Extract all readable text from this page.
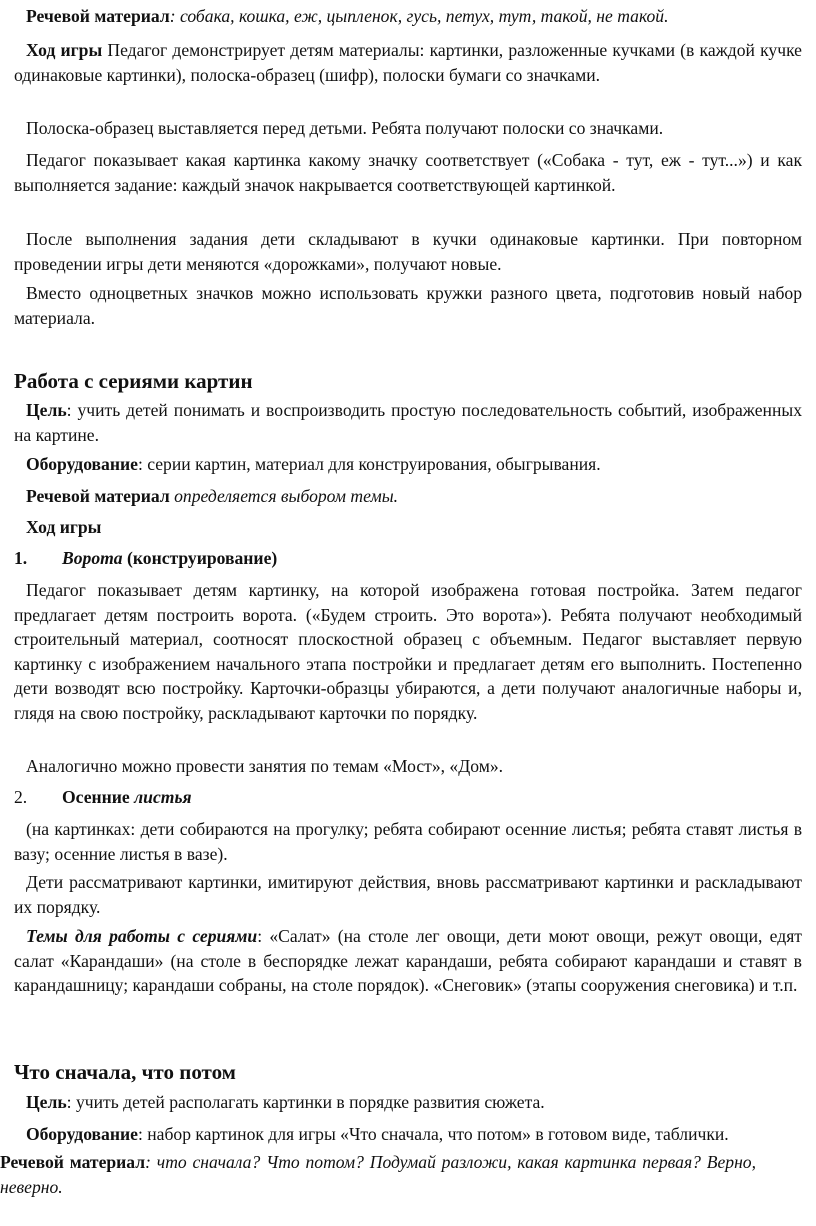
Речевой материал: собака, кошка, еж, цыпленок, гусь, петух, тут, такой, не такой.
Ход игры Педагог демонстрирует детям материалы: картинки, разложенные кучками (в каждой кучке одинаковые картинки), полоска-образец (шифр), полоски бумаги со значками.
Полоска-образец выставляется перед детьми. Ребята получают полоски со значками.
Педагог показывает какая картинка какому значку соответствует («Собака - тут, еж - тут...») и как выполняется задание: каждый значок накрывается соответствующей картинкой.
После выполнения задания дети складывают в кучки одинаковые картинки. При повторном проведении игры дети меняются «дорожками», получают новые.
Вместо одноцветных значков можно использовать кружки разного цвета, подготовив новый набор материала.
Работа с сериями картин
Цель: учить детей понимать и воспроизводить простую последовательность событий, изображенных на картине.
Оборудование: серии картин, материал для конструирования, обыгрывания.
Речевой материал определяется выбором темы.
Ход игры
1. Ворота (конструирование)
Педагог показывает детям картинку, на которой изображена готовая постройка. Затем педагог предлагает детям построить ворота. («Будем строить. Это ворота»). Ребята получают необходимый строительный материал, соотносят плоскостной образец с объемным. Педагог выставляет первую картинку с изображением начального этапа постройки и предлагает детям его выполнить. Постепенно дети возводят всю постройку. Карточки-образцы убираются, а дети получают аналогичные наборы и, глядя на свою постройку, раскладывают карточки по порядку.
Аналогично можно провести занятия по темам «Мост», «Дом».
2. Осенние листья
(на картинках: дети собираются на прогулку; ребята собирают осенние листья; ребята ставят листья в вазу; осенние листья в вазе).
Дети рассматривают картинки, имитируют действия, вновь рассматривают картинки и раскладывают их порядку.
Темы для работы с сериями: «Салат» (на столе лег овощи, дети моют овощи, режут овощи, едят салат «Карандаши» (на столе в беспорядке лежат карандаши, ребята собирают карандаши и ставят в карандашницу; карандаши собраны, на столе порядок). «Снеговик» (этапы сооружения снеговика) и т.п.
Что сначала, что потом
Цель: учить детей располагать картинки в порядке развития сюжета.
Оборудование: набор картинок для игры «Что сначала, что потом» в готовом виде, таблички.
Речевой материал: что сначала? Что потом? Подумай разложи, какая картинка первая? Верно, неверно.
